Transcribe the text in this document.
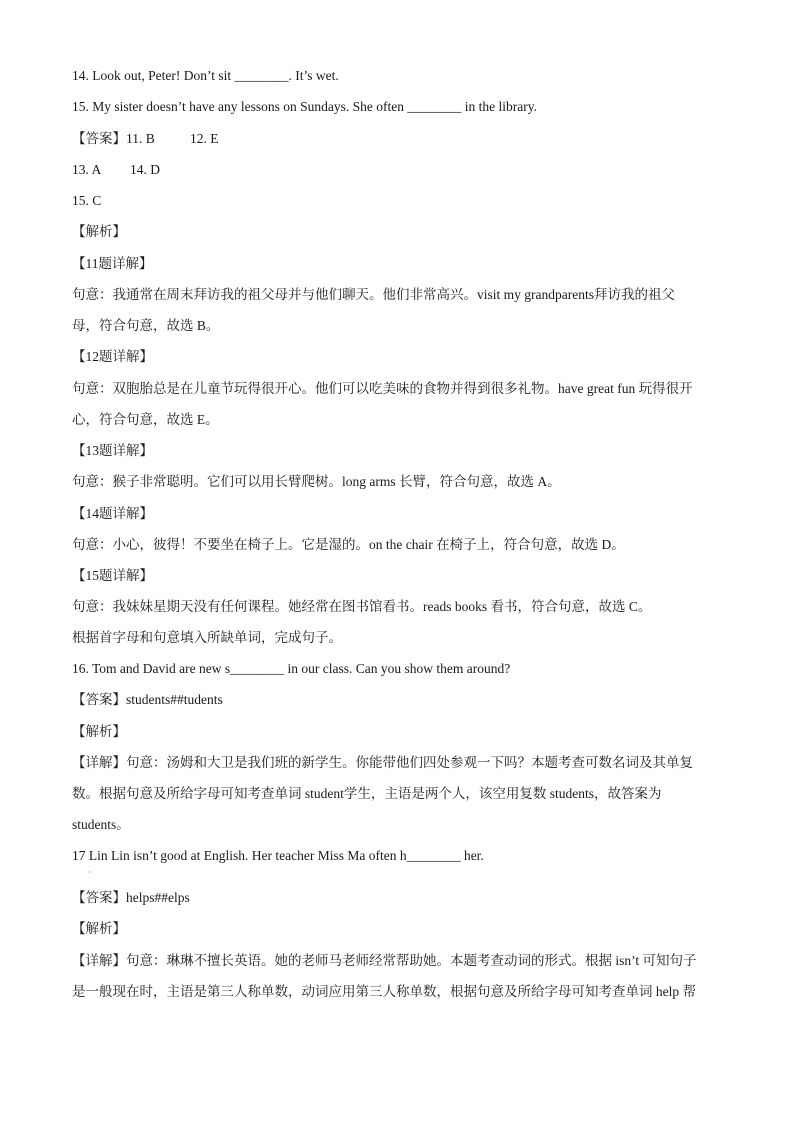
14. Look out, Peter! Don’t sit ________. It’s wet.
15. My sister doesn’t have any lessons on Sundays. She often ________ in the library.
【答案】11. B	12. E
13. A 14. D
15. C
【解析】
【11题详解】
句意：我通常在周末拜访我的祖父母并与他们聊天。他们非常高兴。visit my grandparents拜访我的祖父
母，符合句意，故选 B。
【12题详解】
句意：双胞胎总是在儿童节玩得很开心。他们可以吃美味的食物并得到很多礼物。have great fun 玩得很开
心，符合句意，故选 E。
【13题详解】
句意：猴子非常聪明。它们可以用长臂爬树。long arms 长臂，符合句意，故选 A。
【14题详解】
句意：小心，彼得！不要坐在椅子上。它是湿的。on the chair 在椅子上，符合句意，故选 D。
【15题详解】
句意：我妹妹星期天没有任何课程。她经常在图书馆看书。reads books 看书，符合句意，故选 C。
根据首字母和句意填入所缺单词，完成句子。
16. Tom and David are new s________ in our class. Can you show them around?
【答案】students##tudents
【解析】
【详解】句意：汤姆和大卫是我们班的新学生。你能带他们四处参观一下吗？本题考查可数名词及其单复
数。根据句意及所给字母可知考查单词 student学生，主语是两个人，该空用复数 students，故答案为
students。
17 Lin Lin isn’t good at English. Her teacher Miss Ma often h________ her.
·
【答案】helps##elps
【解析】
【详解】句意：琳琳不擅长英语。她的老师马老师经常帮助她。本题考查动词的形式。根据 isn’t 可知句子
是一般现在时，主语是第三人称单数，动词应用第三人称单数，根据句意及所给字母可知考查单词 help 帮
